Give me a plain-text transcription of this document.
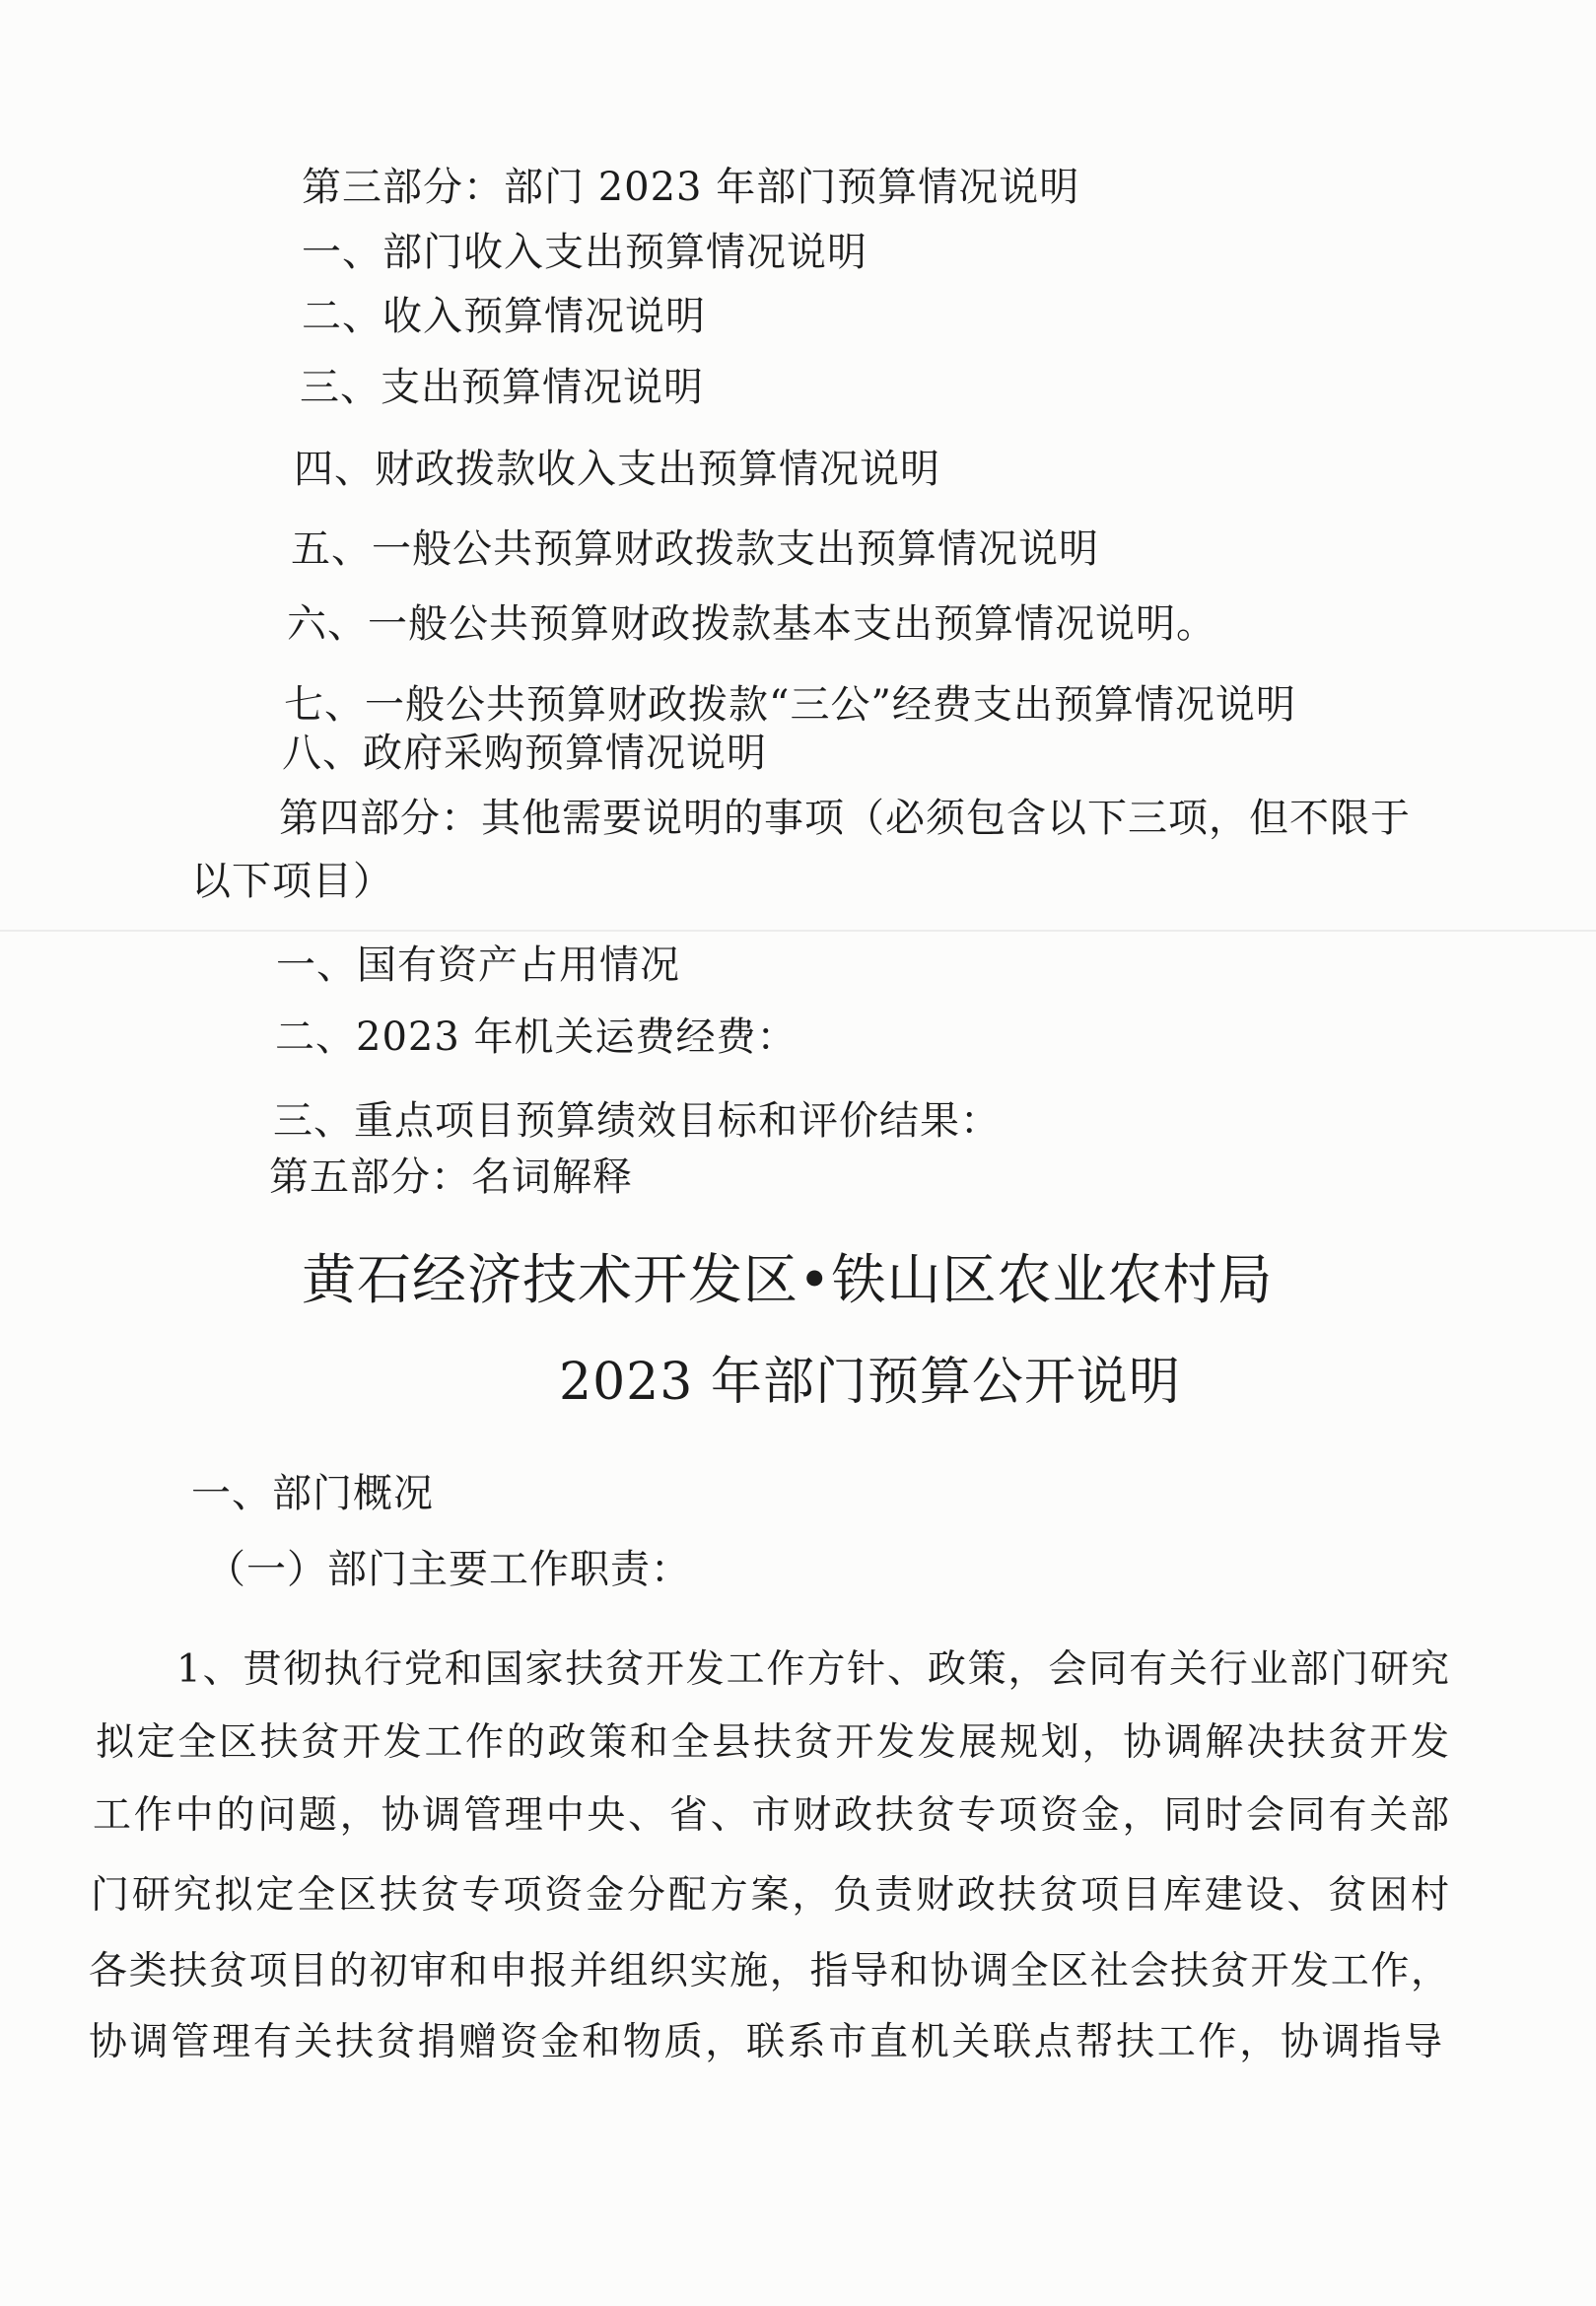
第三部分：部门 2023 年部门预算情况说明
一、部门收入支出预算情况说明
二、收入预算情况说明
三、支出预算情况说明
四、财政拨款收入支出预算情况说明
五、一般公共预算财政拨款支出预算情况说明
六、一般公共预算财政拨款基本支出预算情况说明。
七、一般公共预算财政拨款“三公”经费支出预算情况说明
八、政府采购预算情况说明
第四部分：其他需要说明的事项（必须包含以下三项，但不限于
以下项目）
一、国有资产占用情况
二、2023 年机关运费经费：
三、重点项目预算绩效目标和评价结果：
第五部分：名词解释
黄石经济技术开发区•铁山区农业农村局
2023 年部门预算公开说明
一、部门概况
（一）部门主要工作职责：
1、贯彻执行党和国家扶贫开发工作方针、政策，会同有关行业部门研究
拟定全区扶贫开发工作的政策和全县扶贫开发发展规划，协调解决扶贫开发
工作中的问题，协调管理中央、省、市财政扶贫专项资金，同时会同有关部
门研究拟定全区扶贫专项资金分配方案，负责财政扶贫项目库建设、贫困村
各类扶贫项目的初审和申报并组织实施，指导和协调全区社会扶贫开发工作，
协调管理有关扶贫捐赠资金和物质，联系市直机关联点帮扶工作，协调指导
